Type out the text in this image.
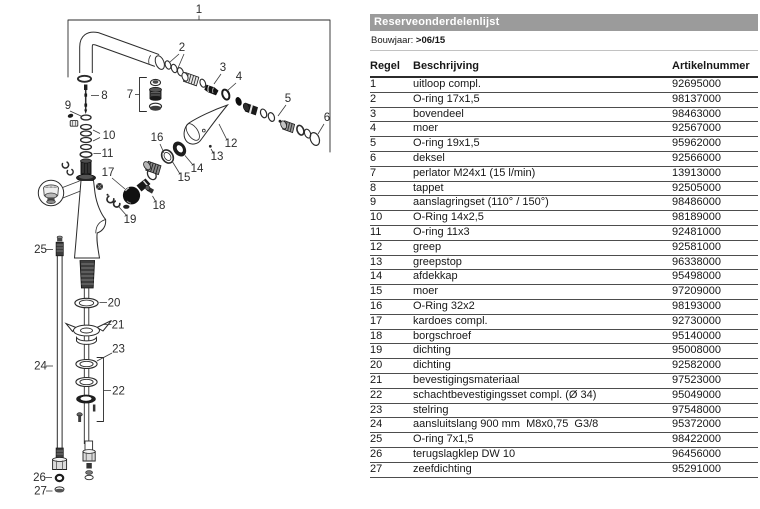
1
2
3
4
5
6
7
8
9
10
11
12
13
14
15
16
17
18
19
20
21
22
23
24
25
26
27
Reserveonderdelenlijst
Bouwjaar: >06/15
Regel	Beschrijving	Artikelnummer
1	uitloop compl.	92695000
2	O-ring 17x1,5	98137000
3	bovendeel	98463000
4	moer	92567000
5	O-ring 19x1,5	95962000
6	deksel	92566000
7	perlator M24x1 (15 l/min)	13913000
8	tappet	92505000
9	aanslagringset (110° / 150°)	98486000
10	O-Ring 14x2,5	98189000
11	O-ring 11x3	92481000
12	greep	92581000
13	greepstop	96338000
14	afdekkap	95498000
15	moer	97209000
16	O-Ring 32x2	98193000
17	kardoes compl.	92730000
18	borgschroef	95140000
19	dichting	95008000
20	dichting	92582000
21	bevestigingsmateriaal	97523000
22	schachtbevestigingsset compl. (Ø 34)	95049000
23	stelring	97548000
24	aansluitslang 900 mm  M8x0,75  G3/8	95372000
25	O-ring 7x1,5	98422000
26	terugslagklep DW 10	96456000
27	zeefdichting	95291000
